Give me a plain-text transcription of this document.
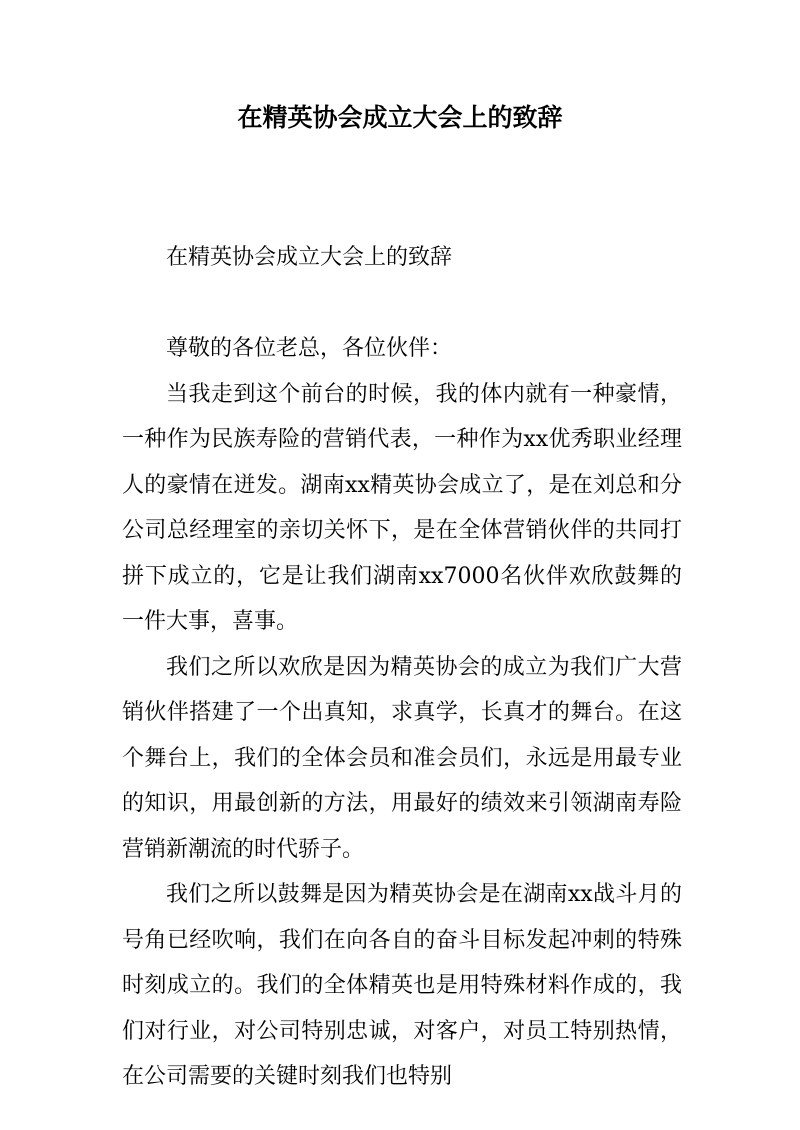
在精英协会成立大会上的致辞

在精英协会成立大会上的致辞

尊敬的各位老总，各位伙伴：

当我走到这个前台的时候，我的体内就有一种豪情，一种作为民族寿险的营销代表，一种作为xx优秀职业经理人的豪情在迸发。湖南xx精英协会成立了，是在刘总和分公司总经理室的亲切关怀下，是在全体营销伙伴的共同打拼下成立的，它是让我们湖南xx7000名伙伴欢欣鼓舞的一件大事，喜事。

我们之所以欢欣是因为精英协会的成立为我们广大营销伙伴搭建了一个出真知，求真学，长真才的舞台。在这个舞台上，我们的全体会员和准会员们，永远是用最专业的知识，用最创新的方法，用最好的绩效来引领湖南寿险营销新潮流的时代骄子。

我们之所以鼓舞是因为精英协会是在湖南xx战斗月的号角已经吹响，我们在向各自的奋斗目标发起冲刺的特殊时刻成立的。我们的全体精英也是用特殊材料作成的，我们对行业，对公司特别忠诚，对客户，对员工特别热情，在公司需要的关键时刻我们也特别
